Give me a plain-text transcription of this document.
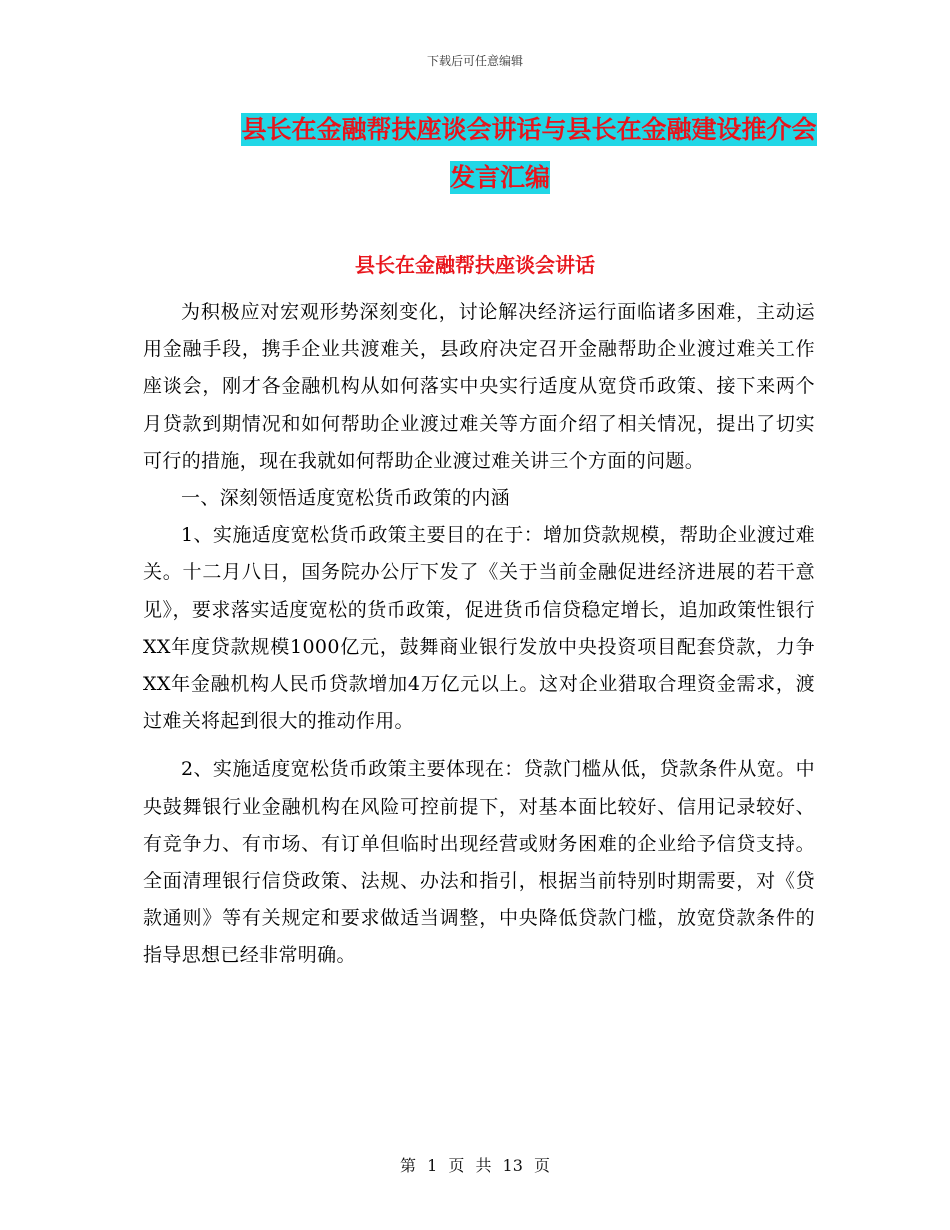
下载后可任意编辑
县长在金融帮扶座谈会讲话与县长在金融建设推介会
发言汇编
县长在金融帮扶座谈会讲话

为积极应对宏观形势深刻变化，讨论解决经济运行面临诸多困难，主动运用金融手段，携手企业共渡难关，县政府决定召开金融帮助企业渡过难关工作座谈会，刚才各金融机构从如何落实中央实行适度从宽贷币政策、接下来两个月贷款到期情况和如何帮助企业渡过难关等方面介绍了相关情况，提出了切实可行的措施，现在我就如何帮助企业渡过难关讲三个方面的问题。

一、深刻领悟适度宽松货币政策的内涵

1、实施适度宽松货币政策主要目的在于：增加贷款规模，帮助企业渡过难关。十二月八日，国务院办公厅下发了《关于当前金融促进经济进展的若干意见》，要求落实适度宽松的货币政策，促进货币信贷稳定增长，追加政策性银行XX年度贷款规模1000亿元，鼓舞商业银行发放中央投资项目配套贷款，力争XX年金融机构人民币贷款增加4万亿元以上。这对企业猎取合理资金需求，渡过难关将起到很大的推动作用。

2、实施适度宽松货币政策主要体现在：贷款门槛从低，贷款条件从宽。中央鼓舞银行业金融机构在风险可控前提下，对基本面比较好、信用记录较好、有竞争力、有市场、有订单但临时出现经营或财务困难的企业给予信贷支持。全面清理银行信贷政策、法规、办法和指引，根据当前特别时期需要，对《贷款通则》等有关规定和要求做适当调整，中央降低贷款门槛，放宽贷款条件的指导思想已经非常明确。

第 1 页 共 13 页
